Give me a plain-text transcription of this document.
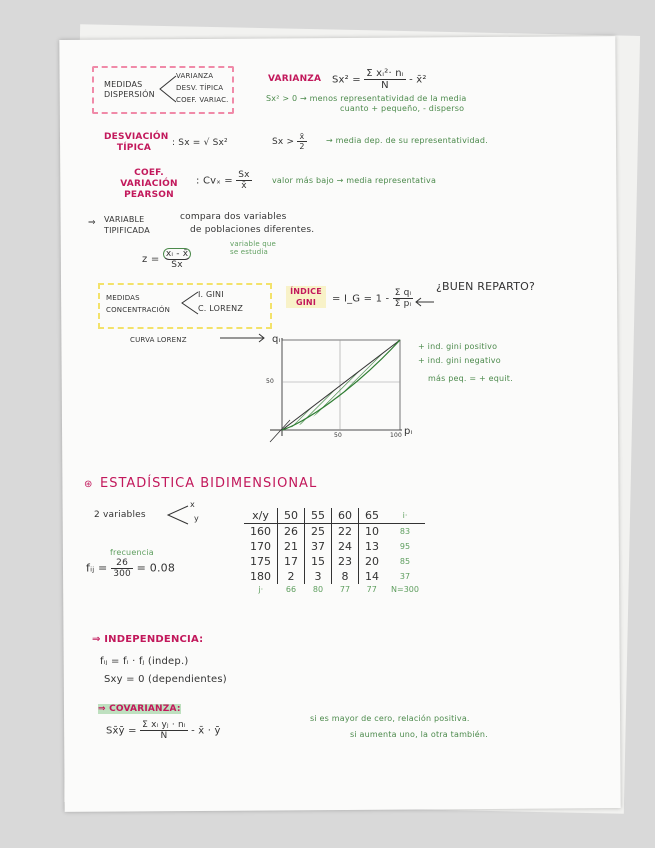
MEDIDAS DISPERSIÓN
VARIANZA
DESV. TÍPICA
COEF. VARIAC.
VARIANZA $Sx^2 = \frac{\text{Σ xᵢ²· nᵢ}}{N}$ - x̄²
Sx² > 0 → menos representatividad de la media
cuanto + pequeño, - disperso
DESVIACIÓN TÍPICA	: Sx = √ Sx²	$Sx > \frac{x̄}{2}$ → media dep. de su representatividad.
COEF. VARIACIÓN PEARSON
: $Cv_x = \frac{Sx}{x̄}$	valor más bajo → media representativa
⇒ VARIABLE TIPIFICADA
compara dos variables
de poblaciones diferentes.
$z = \frac{\text{xᵢ - x̄}}{Sx}$
variable que se estudia
MEDIDAS CONCENTRACIÓN
I. GINI
C. LORENZ
ÍNDICE GINI	= I_G = $1 - \frac{\text{Σ qᵢ}}{\text{Σ pᵢ}}$
¿BUEN REPARTO?
CURVA LORENZ	qᵢ
50
50	100 pᵢ
+ ind. gini positivo
+ ind. gini negativo
más peq. = + equit.
⊛ ESTADÍSTICA BIDIMENSIONAL
2 variables
x
y
frecuencia
fᵢⱼ = $\frac{26}{300} = 0.08$
x/y	50	55	60	65	i·
160	26	25	22	10	83
170	21	37	24	13	95
175	17	15	23	20	85
180	2	3	8	14	37
j·	66	80	77	77	N=300
⇒ INDEPENDENCIA:
fᵢⱼ = fᵢ · fⱼ (indep.)
Sxy = 0 (dependientes)
⇒ COVARIANZA:
Sx̄ȳ = $\frac{\text{Σ xᵢ yⱼ · nᵢ}}{N}$ - x̄ · ȳ
si es mayor de cero, relación positiva.
si aumenta uno, la otra también.
